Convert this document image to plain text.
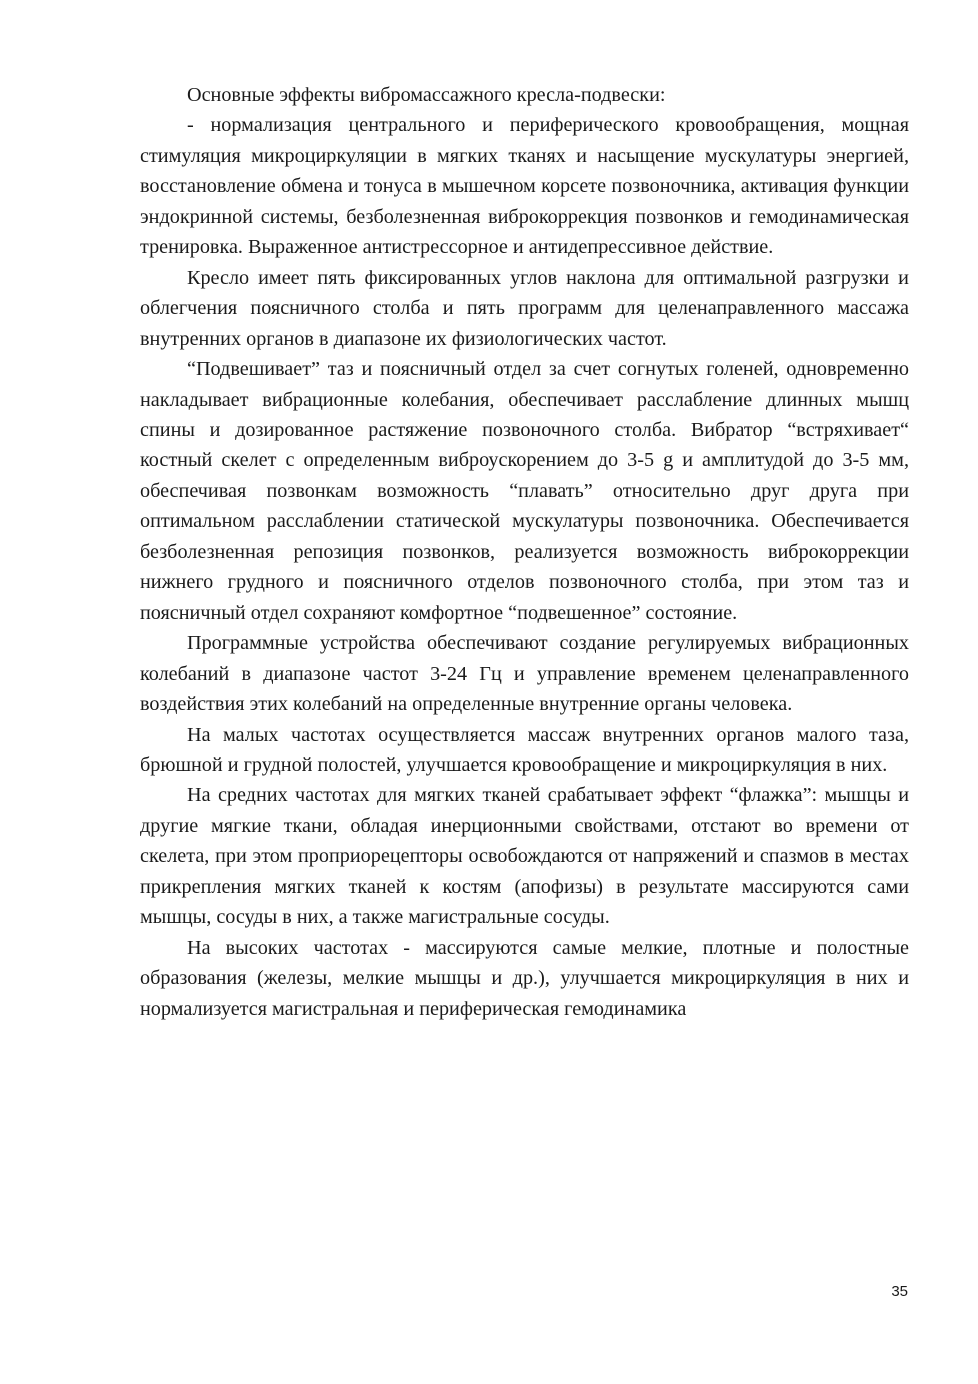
Основные эффекты вибромассажного кресла-подвески:

- нормализация центрального и периферического кровообращения, мощная стимуляция микроциркуляции в мягких тканях и насыщение мускулатуры энергией, восстановление обмена и тонуса в мышечном корсете позвоночника, активация функции эндокринной системы, безболезненная виброкоррекция позвонков и гемодинамическая тренировка. Выраженное антистрессорное и антидепрессивное действие.

Кресло имеет пять фиксированных углов наклона для оптимальной разгрузки и облегчения поясничного столба и пять программ для целенаправленного массажа внутренних органов в диапазоне их физиологических частот.

“Подвешивает” таз и поясничный отдел за счет согнутых голеней, одновременно накладывает вибрационные колебания, обеспечивает расслабление длинных мышц спины и дозированное растяжение позвоночного столба. Вибратор “встряхивает“ костный скелет с определенным виброускорением до 3-5 g и амплитудой до 3-5 мм, обеспечивая позвонкам возможность “плавать” относительно друг друга при оптимальном расслаблении статической мускулатуры позвоночника. Обеспечивается безболезненная репозиция позвонков, реализуется возможность виброкоррекции нижнего грудного и поясничного отделов позвоночного столба, при этом таз и поясничный отдел сохраняют комфортное “подвешенное” состояние.

Программные устройства обеспечивают создание регулируемых вибрационных колебаний в диапазоне частот 3-24 Гц и управление временем целенаправленного воздействия этих колебаний на определенные внутренние органы человека.

На малых частотах осуществляется массаж внутренних органов малого таза, брюшной и грудной полостей, улучшается кровообращение и микроциркуляция в них.

На средних частотах для мягких тканей срабатывает эффект “флажка”: мышцы и другие мягкие ткани, обладая инерционными свойствами, отстают во времени от скелета, при этом проприорецепторы освобождаются от напряжений и спазмов в местах прикрепления мягких тканей к костям (апофизы) в результате массируются сами мышцы, сосуды в них, а также магистральные сосуды.

На высоких частотах - массируются самые мелкие, плотные и полостные образования (железы, мелкие мышцы и др.), улучшается микроциркуляция в них и нормализуется магистральная и периферическая гемодинамика

35
